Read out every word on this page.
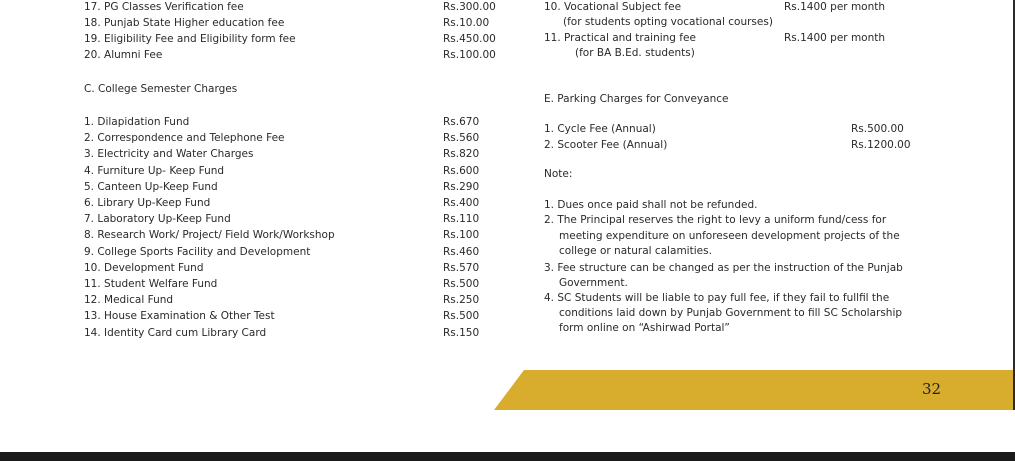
32
17. PG Classes Verification fee	Rs.300.00
18. Punjab State Higher education fee	Rs.10.00
19. Eligibility Fee and Eligibility form fee	Rs.450.00
20. Alumni Fee	Rs.100.00
C. College Semester Charges
1. Dilapidation Fund	Rs.670
2. Correspondence and Telephone Fee	Rs.560
3. Electricity and Water Charges	Rs.820
4. Furniture Up- Keep Fund	Rs.600
5. Canteen Up-Keep Fund	Rs.290
6. Library Up-Keep Fund	Rs.400
7. Laboratory Up-Keep Fund	Rs.110
8. Research Work/ Project/ Field Work/Workshop	Rs.100
9. College Sports Facility and Development	Rs.460
10. Development Fund	Rs.570
11. Student Welfare Fund	Rs.500
12. Medical Fund	Rs.250
13. House Examination & Other Test	Rs.500
14. Identity Card cum Library Card	Rs.150
10. Vocational Subject fee	Rs.1400 per month
(for students opting vocational courses)
11. Practical and training fee	Rs.1400 per month
(for BA B.Ed. students)
E. Parking Charges for Conveyance
1. Cycle Fee (Annual)	Rs.500.00
2. Scooter Fee (Annual)	Rs.1200.00
Note:
1. Dues once paid shall not be refunded.
2. The Principal reserves the right to levy a uniform fund/cess for
meeting expenditure on unforeseen development projects of the
college or natural calamities.
3. Fee structure can be changed as per the instruction of the Punjab
Government.
4. SC Students will be liable to pay full fee, if they fail to fullfil the
conditions laid down by Punjab Government to fill SC Scholarship
form online on “Ashirwad Portal”
